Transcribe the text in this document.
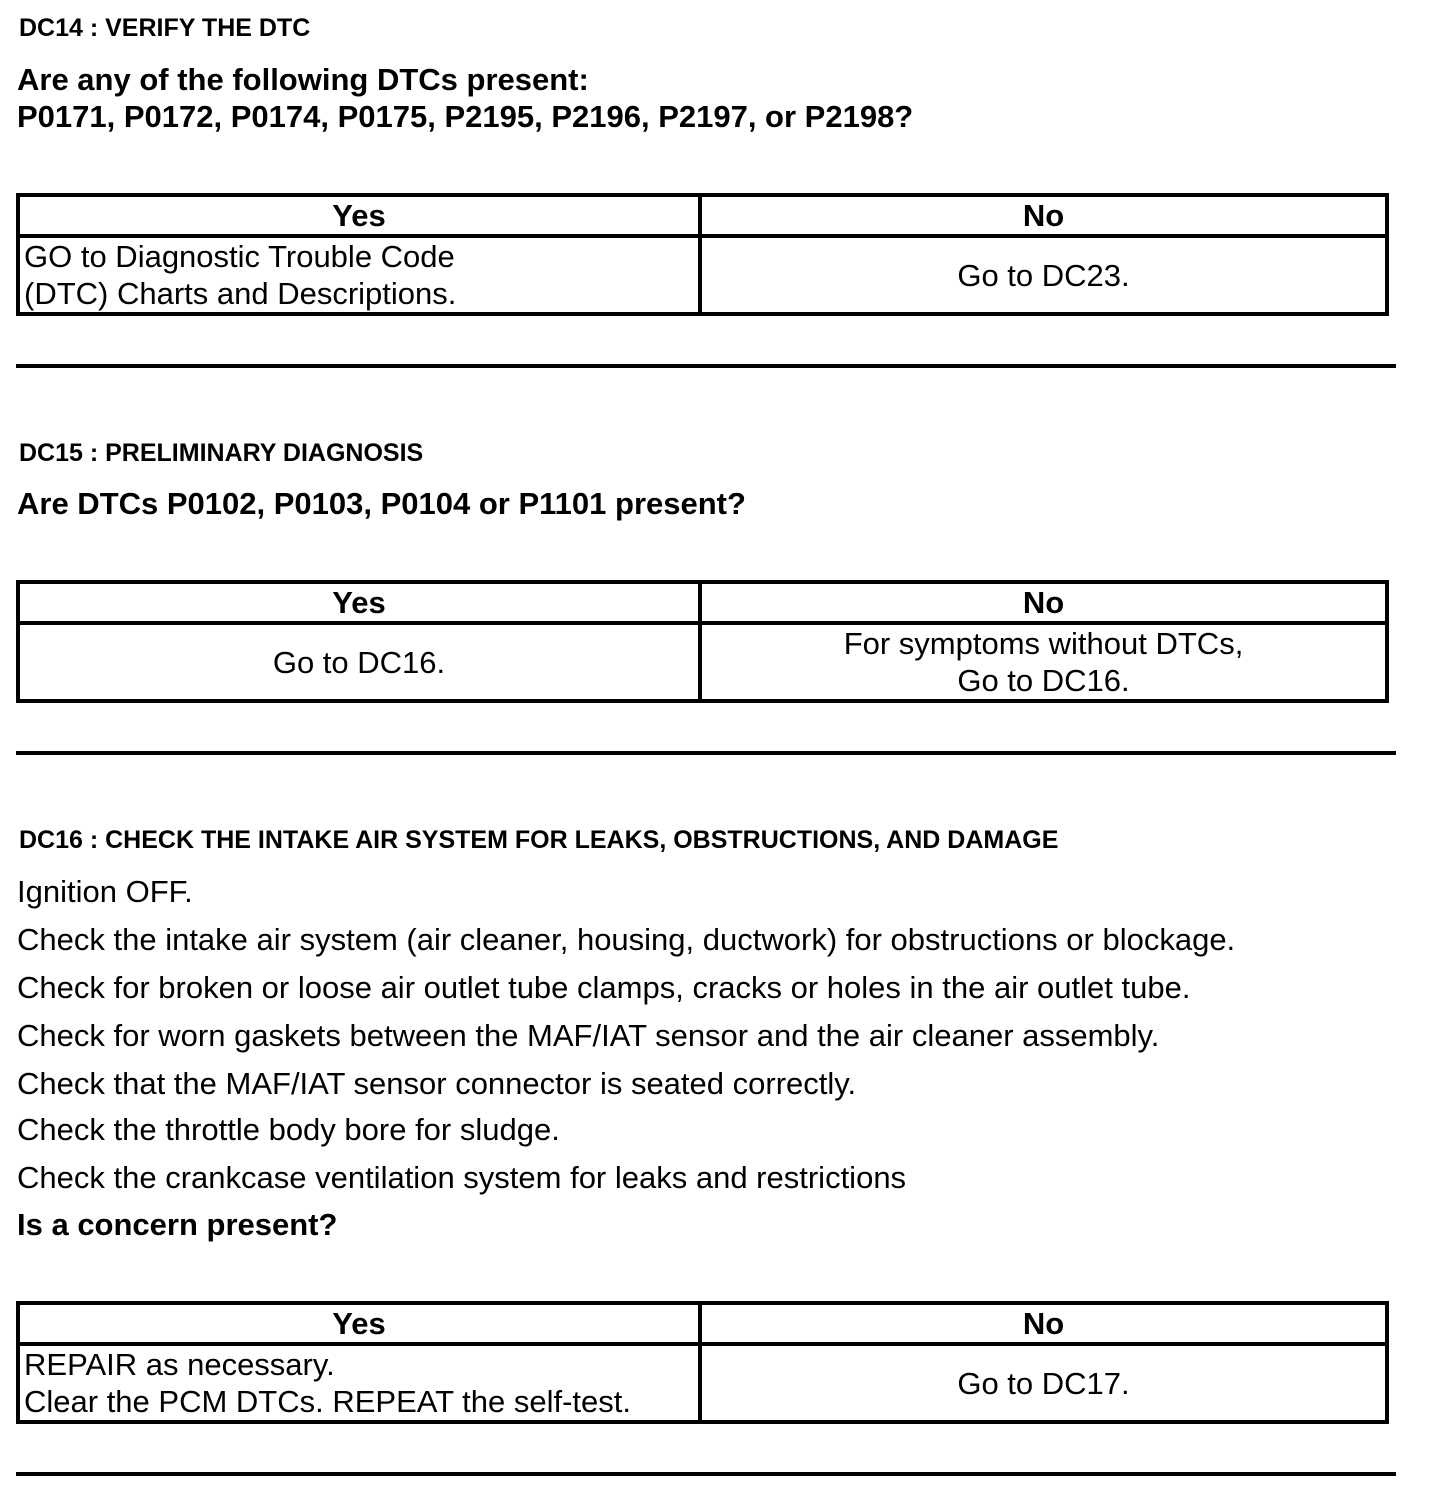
DC14 : VERIFY THE DTC

Are any of the following DTCs present:

P0171, P0172, P0174, P0175, P2195, P2196, P2197, or P2198?

Yes	No
GO to Diagnostic Trouble Code
(DTC) Charts and Descriptions.	Go to DC23.

DC15 : PRELIMINARY DIAGNOSIS

Are DTCs P0102, P0103, P0104 or P1101 present?

Yes	No
Go to DC16.	For symptoms without DTCs,
Go to DC16.

DC16 : CHECK THE INTAKE AIR SYSTEM FOR LEAKS, OBSTRUCTIONS, AND DAMAGE

Ignition OFF.

Check the intake air system (air cleaner, housing, ductwork) for obstructions or blockage.

Check for broken or loose air outlet tube clamps, cracks or holes in the air outlet tube.

Check for worn gaskets between the MAF/IAT sensor and the air cleaner assembly.

Check that the MAF/IAT sensor connector is seated correctly.

Check the throttle body bore for sludge.

Check the crankcase ventilation system for leaks and restrictions

Is a concern present?

Yes	No
REPAIR as necessary.
Clear the PCM DTCs. REPEAT the self-test.	Go to DC17.
